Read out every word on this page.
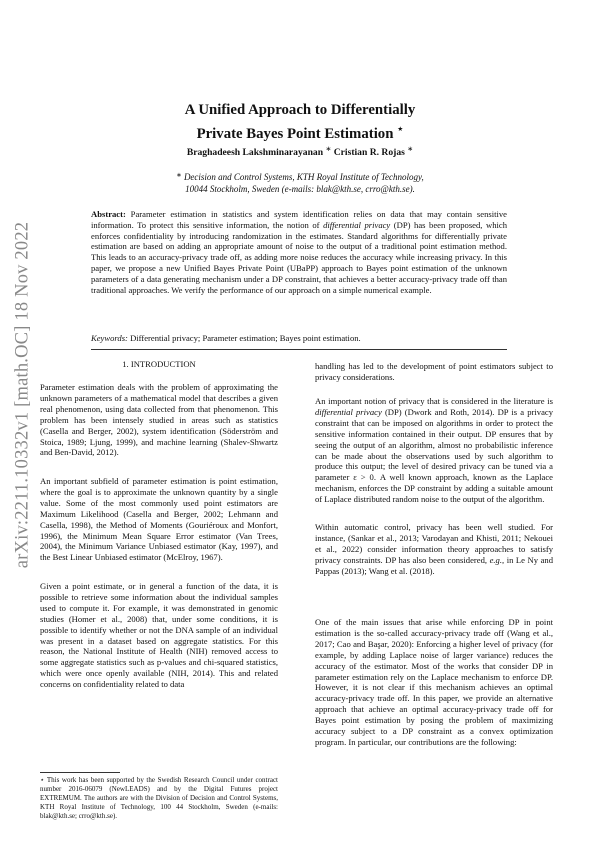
arXiv:2211.10332v1 [math.OC] 18 Nov 2022
A Unified Approach to Differentially
Private Bayes Point Estimation ⋆
Braghadeesh Lakshminarayanan ∗ Cristian R. Rojas ∗
∗ Decision and Control Systems, KTH Royal Institute of Technology,
10044 Stockholm, Sweden (e-mails: blak@kth.se, crro@kth.se).
Abstract: Parameter estimation in statistics and system identification relies on data that may contain sensitive information. To protect this sensitive information, the notion of differential privacy (DP) has been proposed, which enforces confidentiality by introducing randomization in the estimates. Standard algorithms for differentially private estimation are based on adding an appropriate amount of noise to the output of a traditional point estimation method. This leads to an accuracy-privacy trade off, as adding more noise reduces the accuracy while increasing privacy. In this paper, we propose a new Unified Bayes Private Point (UBaPP) approach to Bayes point estimation of the unknown parameters of a data generating mechanism under a DP constraint, that achieves a better accuracy-privacy trade off than traditional approaches. We verify the performance of our approach on a simple numerical example.
Keywords: Differential privacy; Parameter estimation; Bayes point estimation.
1. INTRODUCTION

Parameter estimation deals with the problem of approximating the unknown parameters of a mathematical model that describes a given real phenomenon, using data collected from that phenomenon. This problem has been intensely studied in areas such as statistics (Casella and Berger, 2002), system identification (Söderström and Stoica, 1989; Ljung, 1999), and machine learning (Shalev-Shwartz and Ben-David, 2012).

An important subfield of parameter estimation is point estimation, where the goal is to approximate the unknown quantity by a single value. Some of the most commonly used point estimators are Maximum Likelihood (Casella and Berger, 2002; Lehmann and Casella, 1998), the Method of Moments (Gouriéroux and Monfort, 1996), the Minimum Mean Square Error estimator (Van Trees, 2004), the Minimum Variance Unbiased estimator (Kay, 1997), and the Best Linear Unbiased estimator (McElroy, 1967).

Given a point estimate, or in general a function of the data, it is possible to retrieve some information about the individual samples used to compute it. For example, it was demonstrated in genomic studies (Homer et al., 2008) that, under some conditions, it is possible to identify whether or not the DNA sample of an individual was present in a dataset based on aggregate statistics. For this reason, the National Institute of Health (NIH) removed access to some aggregate statistics such as p-values and chi-squared statistics, which were once openly available (NIH, 2014). This and related concerns on confidentiality related to data

handling has led to the development of point estimators subject to privacy considerations.

An important notion of privacy that is considered in the literature is differential privacy (DP) (Dwork and Roth, 2014). DP is a privacy constraint that can be imposed on algorithms in order to protect the sensitive information contained in their output. DP ensures that by seeing the output of an algorithm, almost no probabilistic inference can be made about the observations used by such algorithm to produce this output; the level of desired privacy can be tuned via a parameter ε > 0. A well known approach, known as the Laplace mechanism, enforces the DP constraint by adding a suitable amount of Laplace distributed random noise to the output of the algorithm.

Within automatic control, privacy has been well studied. For instance, (Sankar et al., 2013; Varodayan and Khisti, 2011; Nekouei et al., 2022) consider information theory approaches to satisfy privacy constraints. DP has also been considered, e.g., in Le Ny and Pappas (2013); Wang et al. (2018).

One of the main issues that arise while enforcing DP in point estimation is the so-called accuracy-privacy trade off (Wang et al., 2017; Cao and Başar, 2020): Enforcing a higher level of privacy (for example, by adding Laplace noise of larger variance) reduces the accuracy of the estimator. Most of the works that consider DP in parameter estimation rely on the Laplace mechanism to enforce DP. However, it is not clear if this mechanism achieves an optimal accuracy-privacy trade off. In this paper, we provide an alternative approach that achieve an optimal accuracy-privacy trade off for Bayes point estimation by posing the problem of maximizing accuracy subject to a DP constraint as a convex optimization program. In particular, our contributions are the following:

⋆ This work has been supported by the Swedish Research Council under contract number 2016-06079 (NewLEADS) and by the Digital Futures project EXTREMUM. The authors are with the Division of Decision and Control Systems, KTH Royal Institute of Technology, 100 44 Stockholm, Sweden (e-mails: blak@kth.se; crro@kth.se).
